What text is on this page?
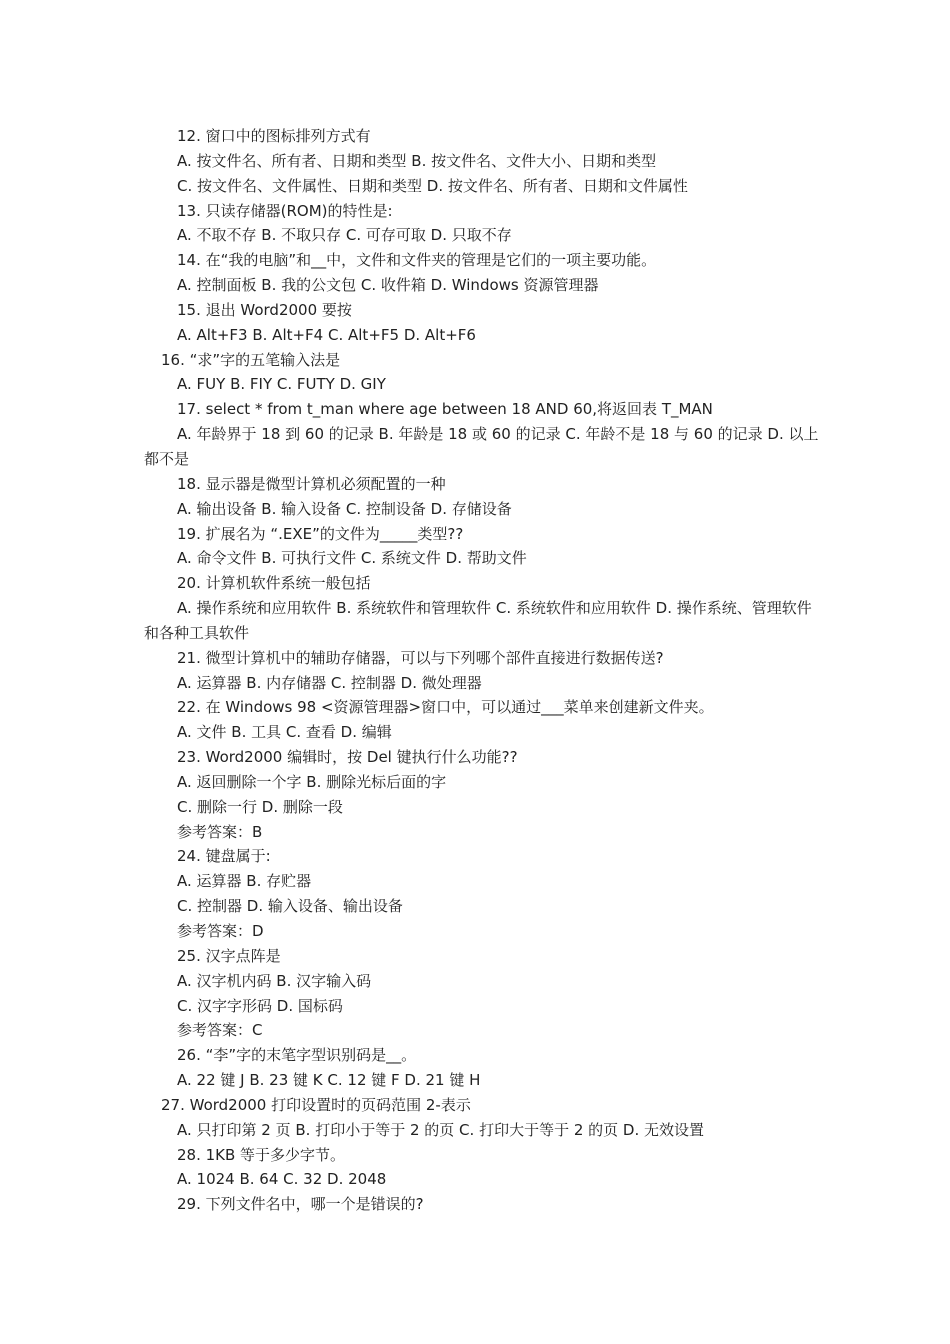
12. 窗口中的图标排列方式有

A. 按文件名、所有者、日期和类型 B. 按文件名、文件大小、日期和类型

C. 按文件名、文件属性、日期和类型 D. 按文件名、所有者、日期和文件属性

13. 只读存储器(ROM)的特性是:

A. 不取不存 B. 不取只存 C. 可存可取 D. 只取不存

14. 在“我的电脑”和__中，文件和文件夹的管理是它们的一项主要功能。

A. 控制面板 B. 我的公文包 C. 收件箱 D. Windows 资源管理器

15. 退出 Word2000 要按

A. Alt+F3 B. Alt+F4 C. Alt+F5 D. Alt+F6

16. “求”字的五笔输入法是

A. FUY B. FIY C. FUTY D. GIY

17. select * from t_man where age between 18 AND 60,将返回表 T_MAN

A. 年龄界于 18 到 60 的记录 B. 年龄是 18 或 60 的记录 C. 年龄不是 18 与 60 的记录 D. 以上都不是

18. 显示器是微型计算机必须配置的一种

A. 输出设备 B. 输入设备 C. 控制设备 D. 存储设备

19. 扩展名为 “.EXE”的文件为_____类型??

A. 命令文件 B. 可执行文件 C. 系统文件 D. 帮助文件

20. 计算机软件系统一般包括

A. 操作系统和应用软件 B. 系统软件和管理软件 C. 系统软件和应用软件 D. 操作系统、管理软件和各种工具软件

21. 微型计算机中的辅助存储器，可以与下列哪个部件直接进行数据传送?

A. 运算器 B. 内存储器 C. 控制器 D. 微处理器

22. 在 Windows 98 <资源管理器>窗口中，可以通过___菜单来创建新文件夹。

A. 文件 B. 工具 C. 查看 D. 编辑

23. Word2000 编辑时，按 Del 键执行什么功能??

A. 返回删除一个字 B. 删除光标后面的字

C. 删除一行 D. 删除一段

参考答案：B

24. 键盘属于:

A. 运算器 B. 存贮器

C. 控制器 D. 输入设备、输出设备

参考答案：D

25. 汉字点阵是

A. 汉字机内码 B. 汉字输入码

C. 汉字字形码 D. 国标码

参考答案：C

26. “李”字的末笔字型识别码是__。

A. 22 键 J B. 23 键 K C. 12 键 F D. 21 键 H

27. Word2000 打印设置时的页码范围 2-表示

A. 只打印第 2 页 B. 打印小于等于 2 的页 C. 打印大于等于 2 的页 D. 无效设置

28. 1KB 等于多少字节。

A. 1024 B. 64 C. 32 D. 2048

29. 下列文件名中，哪一个是错误的?
